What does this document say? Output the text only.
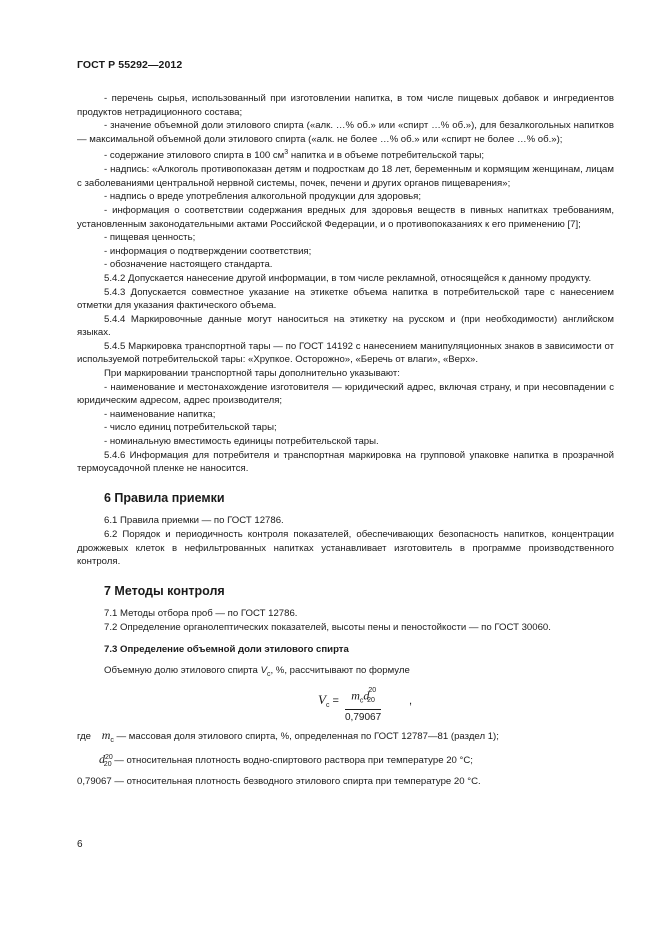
ГОСТ Р 55292—2012

- перечень сырья, использованный при изготовлении напитка, в том числе пищевых добавок и ингредиентов продуктов нетрадиционного состава;

- значение объемной доли этилового спирта («алк. …% об.» или «спирт …% об.»), для безалкогольных напитков — максимальной объемной доли этилового спирта («алк. не более …% об.» или «спирт не более …% об.»);

- содержание этилового спирта в 100 $см^3$ напитка и в объеме потребительской тары;

- надпись: «Алкоголь противопоказан детям и подросткам до 18 лет, беременным и кормящим женщинам, лицам с заболеваниями центральной нервной системы, почек, печени и других органов пищеварения»;

- надпись о вреде употребления алкогольной продукции для здоровья;

- информация о соответствии содержания вредных для здоровья веществ в пивных напитках требованиям, установленным законодательными актами Российской Федерации, и о противопоказаниях к его применению [7];

- пищевая ценность;

- информация о подтверждении соответствия;

- обозначение настоящего стандарта.

5.4.2 Допускается нанесение другой информации, в том числе рекламной, относящейся к данному продукту.

5.4.3 Допускается совместное указание на этикетке объема напитка в потребительской таре с нанесением отметки для указания фактического объема.

5.4.4 Маркировочные данные могут наноситься на этикетку на русском и (при необходимости) английском языках.

5.4.5 Маркировка транспортной тары — по ГОСТ 14192 с нанесением манипуляционных знаков в зависимости от используемой потребительской тары: «Хрупкое. Осторожно», «Беречь от влаги», «Верх».

При маркировании транспортной тары дополнительно указывают:

- наименование и местонахождение изготовителя — юридический адрес, включая страну, и при несовпадении с юридическим адресом, адрес производителя;

- наименование напитка;

- число единиц потребительской тары;

- номинальную вместимость единицы потребительской тары.

5.4.6 Информация для потребителя и транспортная маркировка на групповой упаковке напитка в прозрачной термоусадочной пленке не наносится.

6 Правила приемки

6.1 Правила приемки — по ГОСТ 12786.

6.2 Порядок и периодичность контроля показателей, обеспечивающих безопасность напитков, концентрации дрожжевых клеток в нефильтрованных напитках устанавливает изготовитель в программе производственного контроля.

7 Методы контроля

7.1 Методы отбора проб — по ГОСТ 12786.

7.2 Определение органолептических показателей, высоты пены и пеностойкости — по ГОСТ 30060.

7.3 Определение объемной доли этилового спирта

Объемную долю этилового спирта $V_с$, %, рассчитывают по формуле

$V_с$ =	$m_сd^{20}_{20}$
0,79067
,

где $m_с$ — массовая доля этилового спирта, %, определенная по ГОСТ 12787—81 (раздел 1);

$d^{20}_{20}$ — относительная плотность водно-спиртового раствора при температуре 20 °С;

0,79067 — относительная плотность безводного этилового спирта при температуре 20 °С.

6
